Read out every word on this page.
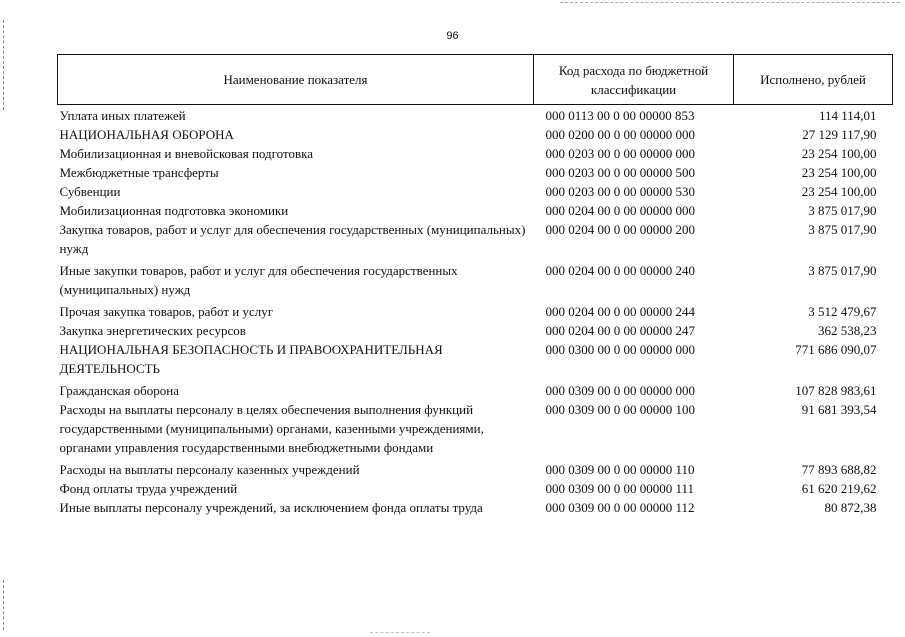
96
Наименование показателя	Код расхода по бюджетной классификации	Исполнено, рублей
Уплата иных платежей	000 0113 00 0 00 00000 853	114 114,01
НАЦИОНАЛЬНАЯ ОБОРОНА	000 0200 00 0 00 00000 000	27 129 117,90
Мобилизационная и вневойсковая подготовка	000 0203 00 0 00 00000 000	23 254 100,00
Межбюджетные трансферты	000 0203 00 0 00 00000 500	23 254 100,00
Субвенции	000 0203 00 0 00 00000 530	23 254 100,00
Мобилизационная подготовка экономики	000 0204 00 0 00 00000 000	3 875 017,90
Закупка товаров, работ и услуг для обеспечения государственных (муниципальных) нужд	000 0204 00 0 00 00000 200	3 875 017,90
Иные закупки товаров, работ и услуг для обеспечения государственных (муниципальных) нужд	000 0204 00 0 00 00000 240	3 875 017,90
Прочая закупка товаров, работ и услуг	000 0204 00 0 00 00000 244	3 512 479,67
Закупка энергетических ресурсов	000 0204 00 0 00 00000 247	362 538,23
НАЦИОНАЛЬНАЯ БЕЗОПАСНОСТЬ И ПРАВООХРАНИТЕЛЬНАЯ ДЕЯТЕЛЬНОСТЬ	000 0300 00 0 00 00000 000	771 686 090,07
Гражданская оборона	000 0309 00 0 00 00000 000	107 828 983,61
Расходы на выплаты персоналу в целях обеспечения выполнения функций государственными (муниципальными) органами, казенными учреждениями, органами управления государственными внебюджетными фондами	000 0309 00 0 00 00000 100	91 681 393,54
Расходы на выплаты персоналу казенных учреждений	000 0309 00 0 00 00000 110	77 893 688,82
Фонд оплаты труда учреждений	000 0309 00 0 00 00000 111	61 620 219,62
Иные выплаты персоналу учреждений, за исключением фонда оплаты труда	000 0309 00 0 00 00000 112	80 872,38
